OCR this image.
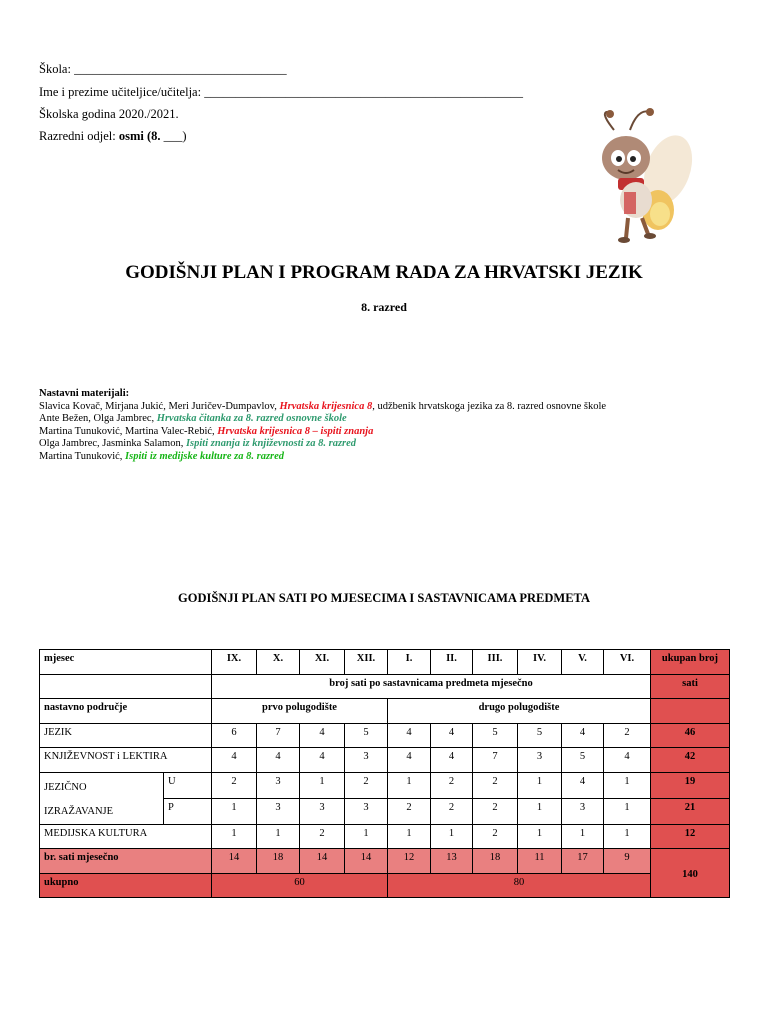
Škola: __________________________________
Ime i prezime učiteljice/učitelja: ___________________________________________________
Školska godina 2020./2021.
Razredni odjel: osmi (8. ___)
GODIŠNJI PLAN I PROGRAM RADA ZA HRVATSKI JEZIK
8. razred
Nastavni materijali:
Slavica Kovač, Mirjana Jukić, Meri Juričev-Dumpavlov, Hrvatska krijesnica 8, udžbenik hrvatskoga jezika za 8. razred osnovne škole
Ante Bežen, Olga Jambrec, Hrvatska čitanka za 8. razred osnovne škole
Martina Tunuković, Martina Valec-Rebić, Hrvatska krijesnica 8 – ispiti znanja
Olga Jambrec, Jasminka Salamon, Ispiti znanja iz književnosti za 8. razred
Martina Tunuković, Ispiti iz medijske kulture za 8. razred
GODIŠNJI PLAN SATI PO MJESECIMA I SASTAVNICAMA PREDMETA
mjesec		IX.	X.	XI.	XII.	I.	II.	III.	IV.	V.	VI.	ukupan broj
		broj sati po sastavnicama predmeta mjesečno										sati
nastavno područje		prvo polugodište				drugo polugodište						
JEZIK		6	7	4	5	4	4	5	5	4	2	46
KNJIŽEVNOST i LEKTIRA		4	4	4	3	4	4	7	3	5	4	42
JEZIČNO
IZRAŽAVANJE	U	2	3	1	2	1	2	2	1	4	1	19
	P	1	3	3	3	2	2	2	1	3	1	21
MEDIJSKA KULTURA		1	1	2	1	1	1	2	1	1	1	12
br. sati mjesečno		14	18	14	14	12	13	18	11	17	9	140
ukupno		60				80						
